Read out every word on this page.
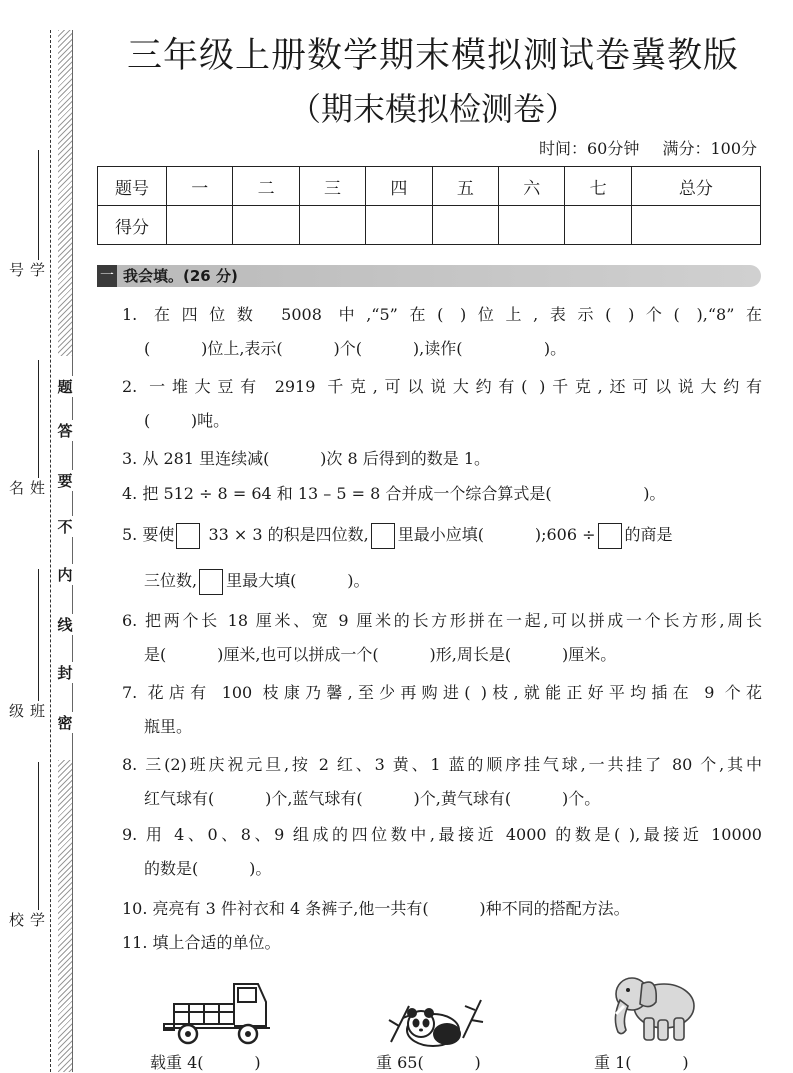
学号
姓名
班级
学校
题
答
要
不
内
线
封
密
三年级上册数学期末模拟测试卷冀教版
（期末模拟检测卷）
时间：60分钟 满分：100分
题号	一	二	三	四	五	六	七	总分
得分								
一 我会填。(26 分)
1. 在四位数 5008 中,“5”在( )位上,表示( )个( ),“8”在
(          )位上,表示(          )个(          ),读作(                )。
2. 一堆大豆有 2919 千克,可以说大约有( )千克,还可以说大约有
(        )吨。
3. 从 281 里连续减(          )次 8 后得到的数是 1。
4. 把 512 ÷ 8 = 64 和 13 – 5 = 8 合并成一个综合算式是(                  )。
5. 要使 33 × 3 的积是四位数, 里最小应填(          );606 ÷ 的商是
三位数, 里最大填(          )。
6. 把两个长 18 厘米、宽 9 厘米的长方形拼在一起,可以拼成一个长方形,周长
是(          )厘米,也可以拼成一个(          )形,周长是(          )厘米。
7. 花店有 100 枝康乃馨,至少再购进( )枝,就能正好平均插在 9 个花
瓶里。
8. 三(2)班庆祝元旦,按 2 红、3 黄、1 蓝的顺序挂气球,一共挂了 80 个,其中
红气球有(          )个,蓝气球有(          )个,黄气球有(          )个。
9. 用 4、0、8、9 组成的四位数中,最接近 4000 的数是( ),最接近 10000
的数是(          )。
10. 亮亮有 3 件衬衣和 4 条裤子,他一共有(          )种不同的搭配方法。
11. 填上合适的单位。
载重 4(          )	重 65(          )	重 1(          )
